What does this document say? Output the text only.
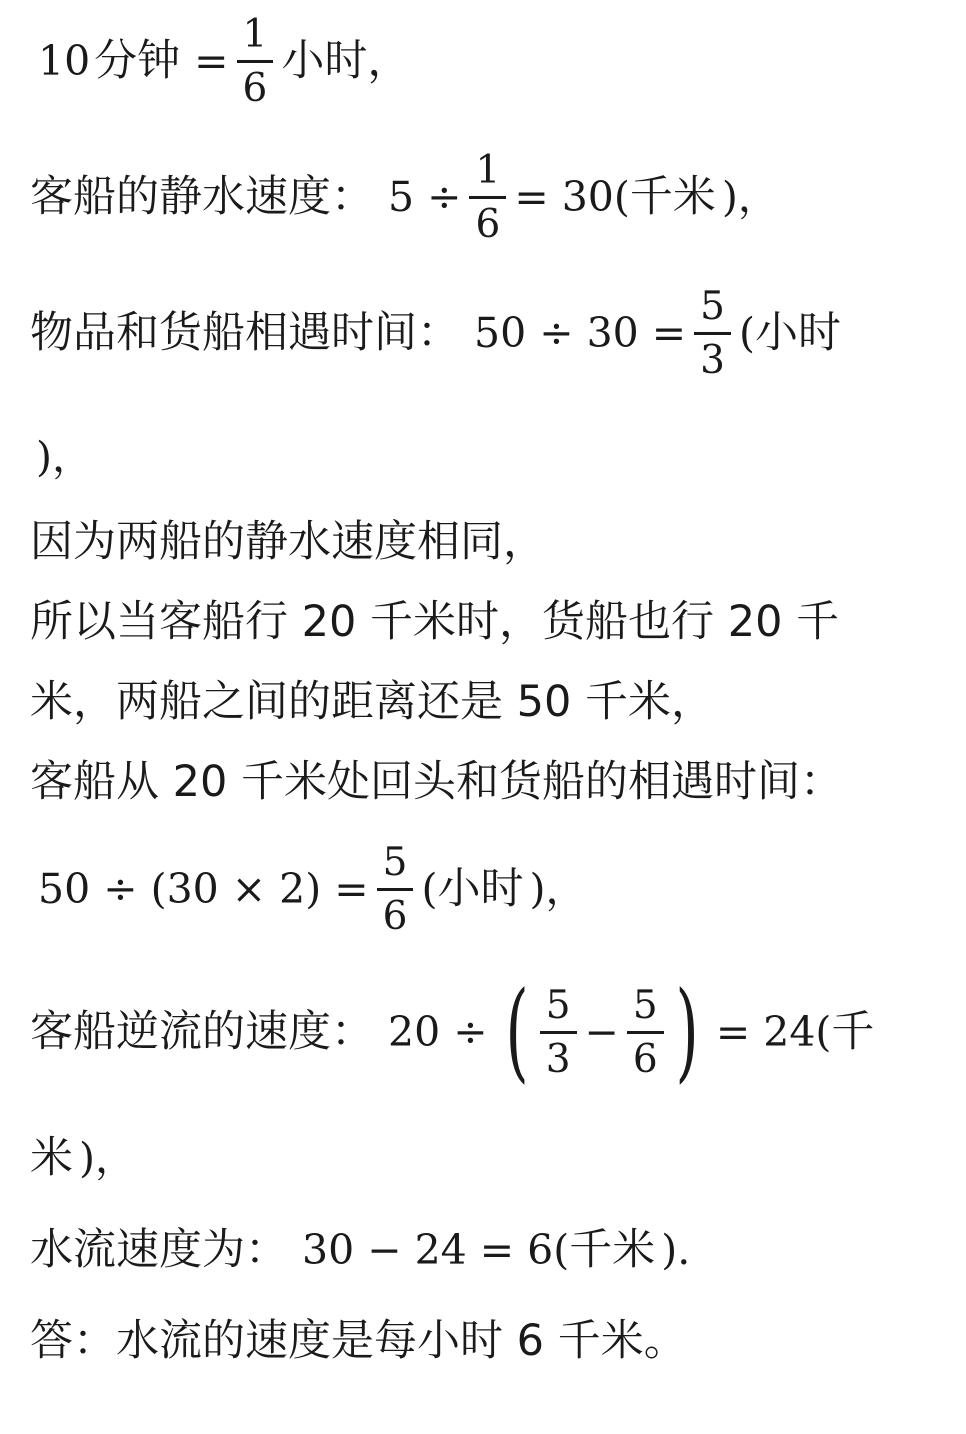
10 分钟 = $\frac{1}{6}$ 小时，
客船的静水速度： $5 \div \frac{1}{6} = 30$( 千米 )，
物品和货船相遇时间： $50 \div 30 = \frac{5}{3}$ ( 小时
)，
因为两船的静水速度相同，
所以当客船行 20 千米时，货船也行 20 千
米，两船之间的距离还是 50 千米，
客船从 20 千米处回头和货船的相遇时间：
$50 \div (30 \times 2) = \frac{5}{6}$ ( 小时 )，
客船逆流的速度： 20 ÷ ( $\frac{5}{3} - \frac{5}{6}$ ) = 24( 千
米 )，
水流速度为： 30 − 24 = 6( 千米 ).
答：水流的速度是每小时 6 千米。
